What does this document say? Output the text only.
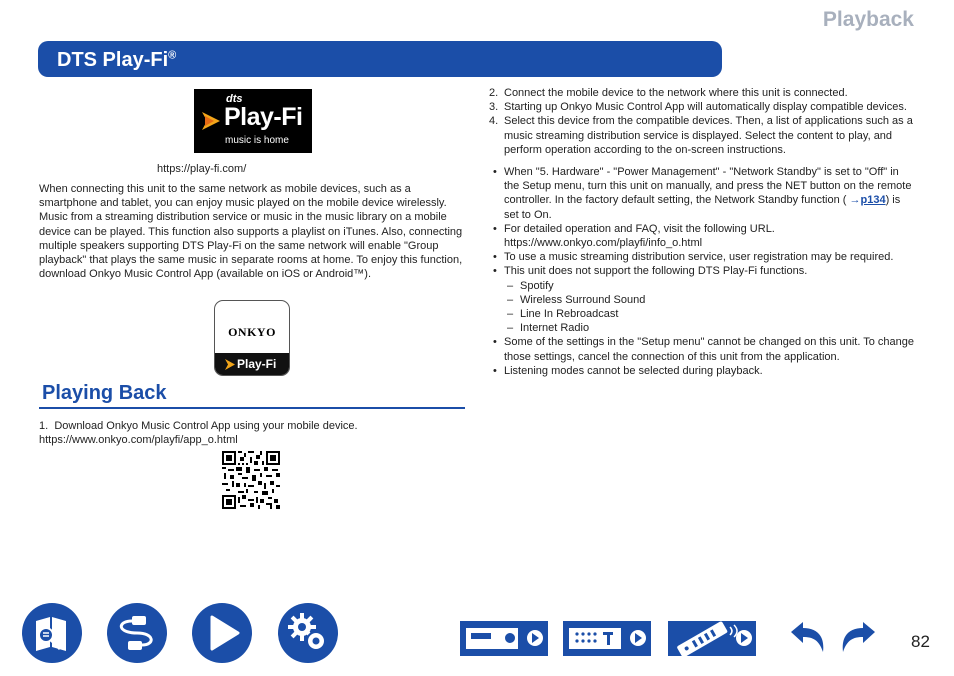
Playback
DTS Play-Fi®
dts
Play-Fi
music is home
https://play-fi.com/
When connecting this unit to the same network as mobile devices, such as a smartphone and tablet, you can enjoy music played on the mobile device wirelessly. Music from a streaming distribution service or music in the music library on a mobile device can be played. This function also supports a playlist on iTunes. Also, connecting multiple speakers supporting DTS Play-Fi on the same network will enable "Group playback" that plays the same music in separate rooms at home. To enjoy this function, download Onkyo Music Control App (available on iOS or Android™).
ONKYO
Play-Fi
Playing Back
1. Download Onkyo Music Control App using your mobile device.
https://www.onkyo.com/playfi/app_o.html
2. Connect the mobile device to the network where this unit is connected.
3. Starting up Onkyo Music Control App will automatically display compatible devices.
4. Select this device from the compatible devices. Then, a list of applications such as a music streaming distribution service is displayed. Select the content to play, and perform operation according to the on-screen instructions.
• When "5. Hardware" - "Power Management" - "Network Standby" is set to "Off" in the Setup menu, turn this unit on manually, and press the NET button on the remote controller. In the factory default setting, the Network Standby function ( →p134) is set to On.
• For detailed operation and FAQ, visit the following URL.
https://www.onkyo.com/playfi/info_o.html
• To use a music streaming distribution service, user registration may be required.
• This unit does not support the following DTS Play-Fi functions.
– Spotify
– Wireless Surround Sound
– Line In Rebroadcast
– Internet Radio
• Some of the settings in the "Setup menu" cannot be changed on this unit. To change those settings, cancel the connection of this unit from the application.
• Listening modes cannot be selected during playback.
82
